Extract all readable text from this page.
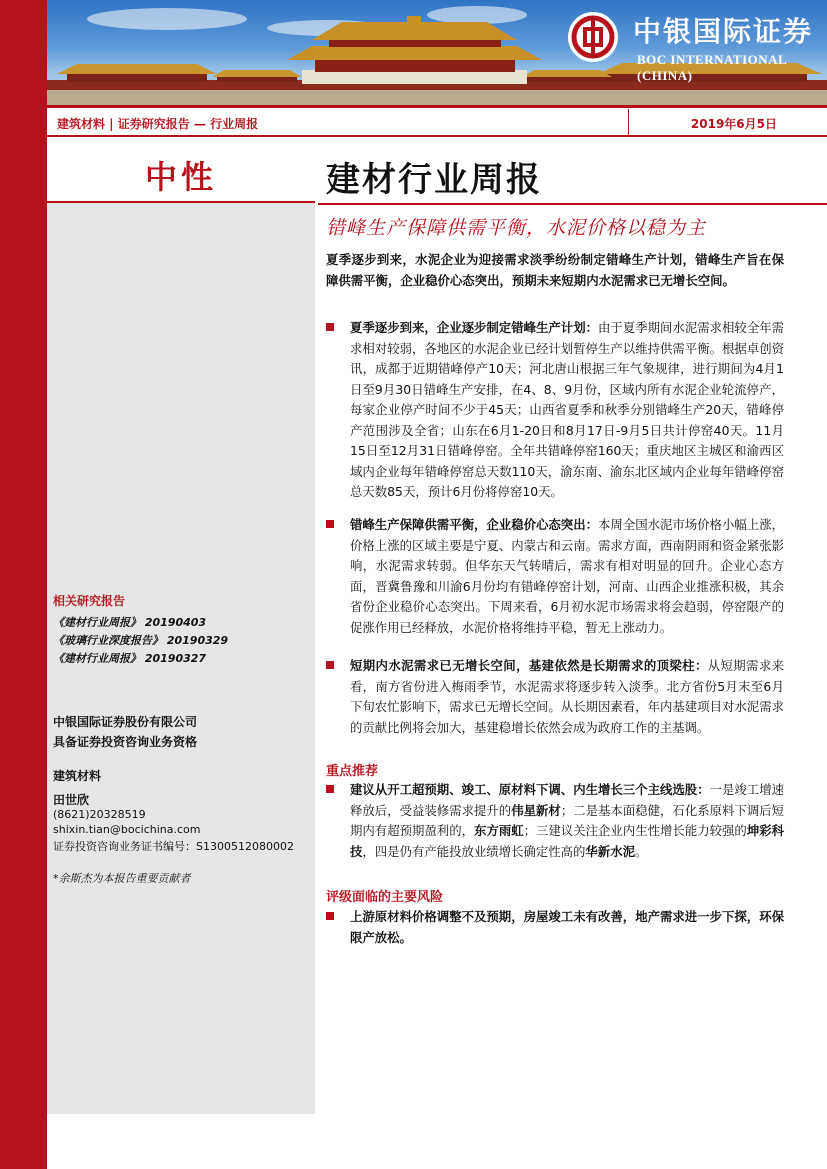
中银国际证券
BOC INTERNATIONAL (CHINA)
建筑材料 | 证券研究报告 — 行业周报	2019年6月5日
中性
相关研究报告
《建材行业周报》 20190403
《玻璃行业深度报告》 20190329
《建材行业周报》 20190327
中银国际证券股份有限公司
具备证券投资咨询业务资格
建筑材料
田世欣
(8621)20328519
shixin.tian@bocichina.com
证券投资咨询业务证书编号：S1300512080002
*余斯杰为本报告重要贡献者
建材行业周报
错峰生产保障供需平衡，水泥价格以稳为主
夏季逐步到来，水泥企业为迎接需求淡季纷纷制定错峰生产计划，错峰生产旨在保障供需平衡，企业稳价心态突出，预期未来短期内水泥需求已无增长空间。
夏季逐步到来，企业逐步制定错峰生产计划：由于夏季期间水泥需求相较全年需求相对较弱，各地区的水泥企业已经计划暂停生产以维持供需平衡。根据卓创资讯，成都于近期错峰停产10天；河北唐山根据三年气象规律，进行期间为4月1日至9月30日错峰生产安排，在4、8、9月份，区域内所有水泥企业轮流停产，每家企业停产时间不少于45天；山西省夏季和秋季分别错峰生产20天，错峰停产范围涉及全省；山东在6月1-20日和8月17日-9月5日共计停窑40天。11月15日至12月31日错峰停窑。全年共错峰停窑160天；重庆地区主城区和渝西区域内企业每年错峰停窑总天数110天，渝东南、渝东北区域内企业每年错峰停窑总天数85天，预计6月份将停窑10天。
错峰生产保障供需平衡，企业稳价心态突出：本周全国水泥市场价格小幅上涨，价格上涨的区域主要是宁夏、内蒙古和云南。需求方面，西南阴雨和资金紧张影响，水泥需求转弱。但华东天气转晴后，需求有相对明显的回升。企业心态方面，晋冀鲁豫和川渝6月份均有错峰停窑计划，河南、山西企业推涨积极，其余省份企业稳价心态突出。下周来看，6月初水泥市场需求将会趋弱，停窑限产的促涨作用已经释放，水泥价格将维持平稳，暂无上涨动力。
短期内水泥需求已无增长空间，基建依然是长期需求的顶梁柱：从短期需求来看，南方省份进入梅雨季节，水泥需求将逐步转入淡季。北方省份5月末至6月下旬农忙影响下，需求已无增长空间。从长期因素看，年内基建项目对水泥需求的贡献比例将会加大，基建稳增长依然会成为政府工作的主基调。
重点推荐
建议从开工超预期、竣工、原材料下调、内生增长三个主线选股：一是竣工增速释放后，受益装修需求提升的伟星新材；二是基本面稳健，石化系原料下调后短期内有超预期盈利的，东方雨虹；三建议关注企业内生性增长能力较强的坤彩科技，四是仍有产能投放业绩增长确定性高的华新水泥。
评级面临的主要风险
上游原材料价格调整不及预期，房屋竣工未有改善，地产需求进一步下探，环保限产放松。
